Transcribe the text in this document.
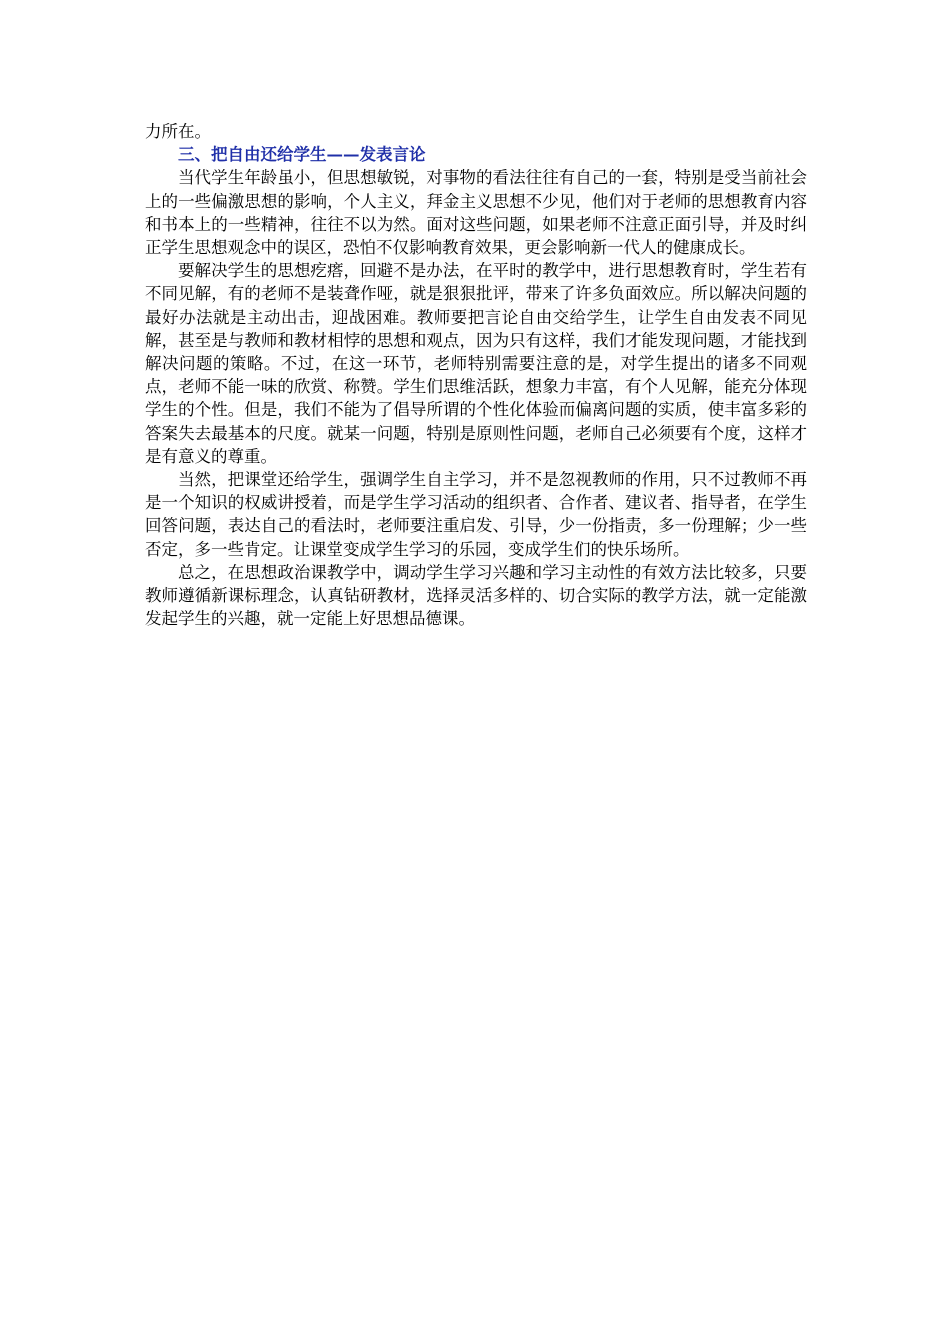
力所在。

三、把自由还给学生——发表言论

当代学生年龄虽小，但思想敏锐，对事物的看法往往有自己的一套，特别是受当前社会上的一些偏激思想的影响，个人主义，拜金主义思想不少见，他们对于老师的思想教育内容和书本上的一些精神，往往不以为然。面对这些问题，如果老师不注意正面引导，并及时纠正学生思想观念中的误区，恐怕不仅影响教育效果，更会影响新一代人的健康成长。

要解决学生的思想疙瘩，回避不是办法，在平时的教学中，进行思想教育时，学生若有不同见解，有的老师不是装聋作哑，就是狠狠批评，带来了许多负面效应。所以解决问题的最好办法就是主动出击，迎战困难。教师要把言论自由交给学生，让学生自由发表不同见解，甚至是与教师和教材相悖的思想和观点，因为只有这样，我们才能发现问题，才能找到解决问题的策略。不过，在这一环节，老师特别需要注意的是，对学生提出的诸多不同观点，老师不能一味的欣赏、称赞。学生们思维活跃，想象力丰富，有个人见解，能充分体现学生的个性。但是，我们不能为了倡导所谓的个性化体验而偏离问题的实质，使丰富多彩的答案失去最基本的尺度。就某一问题，特别是原则性问题，老师自己必须要有个度，这样才是有意义的尊重。

当然，把课堂还给学生，强调学生自主学习，并不是忽视教师的作用，只不过教师不再是一个知识的权威讲授着，而是学生学习活动的组织者、合作者、建议者、指导者，在学生回答问题，表达自己的看法时，老师要注重启发、引导，少一份指责，多一份理解；少一些否定，多一些肯定。让课堂变成学生学习的乐园，变成学生们的快乐场所。

总之，在思想政治课教学中，调动学生学习兴趣和学习主动性的有效方法比较多，只要教师遵循新课标理念，认真钻研教材，选择灵活多样的、切合实际的教学方法，就一定能激发起学生的兴趣，就一定能上好思想品德课。
